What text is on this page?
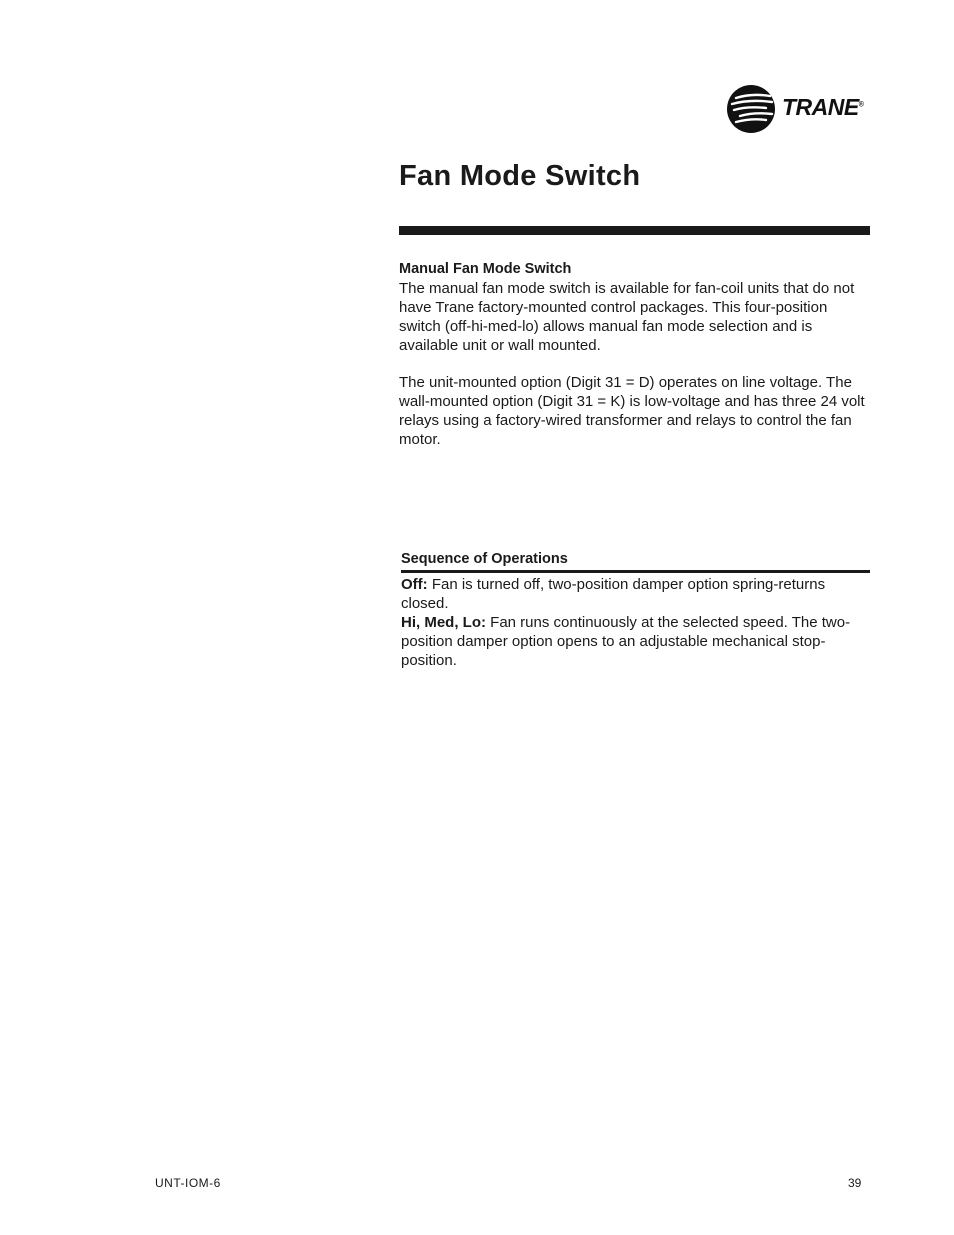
TRANE®
Fan Mode Switch
Manual Fan Mode Switch

The manual fan mode switch is available for fan-coil units that do not have Trane factory-mounted control packages. This four-position switch (off-hi-med-lo) allows manual fan mode selection and is available unit or wall mounted.

The unit-mounted option (Digit 31 = D) operates on line voltage. The wall-mounted option (Digit 31 = K) is low-voltage and has three 24 volt relays using a factory-wired transformer and relays to control the fan motor.

Sequence of Operations

Off: Fan is turned off, two-position damper option spring-returns closed.

Hi, Med, Lo: Fan runs continuously at the selected speed. The two-position damper option opens to an adjustable mechanical stop-position.

UNT-IOM-6	39
